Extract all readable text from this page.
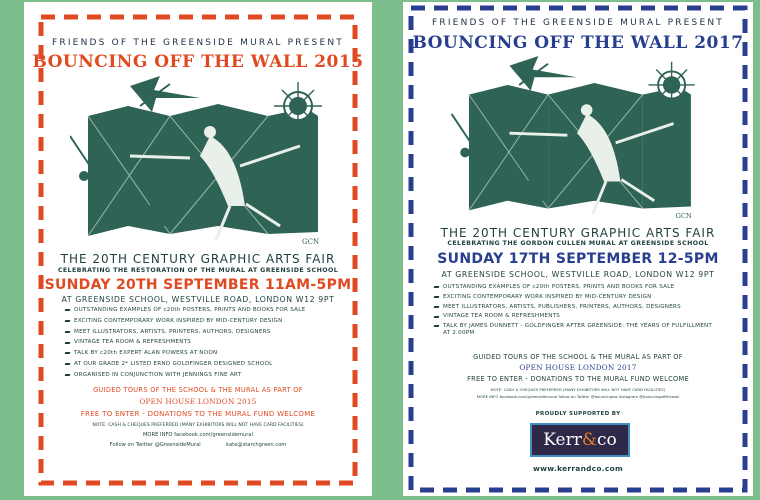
FRIENDS OF THE GREENSIDE MURAL PRESENT
BOUNCING OFF THE WALL 2015
GCN
THE 20TH CENTURY GRAPHIC ARTS FAIR
CELEBRATING THE RESTORATION OF THE MURAL AT GREENSIDE SCHOOL
SUNDAY 20TH SEPTEMBER 11AM-5PM
AT GREENSIDE SCHOOL, WESTVILLE ROAD, LONDON W12 9PT
OUTSTANDING EXAMPLES OF c20th POSTERS, PRINTS AND BOOKS FOR SALE
EXCITING CONTEMPORARY WORK INSPIRED BY MID-CENTURY DESIGN
MEET ILLUSTRATORS, ARTISTS, PRINTERS, AUTHORS, DESIGNERS
VINTAGE TEA ROOM & REFRESHMENTS
TALK BY c20th EXPERT ALAN POWERS AT NOON
AT OUR GRADE 2* LISTED ERNO GOLDFINGER DESIGNED SCHOOL
ORGANISED IN CONJUNCTION WITH JENNINGS FINE ART
GUIDED TOURS OF THE SCHOOL & THE MURAL AS PART OF
OPEN HOUSE LONDON 2015
FREE TO ENTER - DONATIONS TO THE MURAL FUND WELCOME
NOTE: CASH & CHEQUES PREFERRED (MANY EXHIBITORS WILL NOT HAVE CARD FACILITIES)
MORE INFO facebook.com/greensidemural
Follow on Twitter @GreensideMural	kate@starchgreen.com
FRIENDS OF THE GREENSIDE MURAL PRESENT
BOUNCING OFF THE WALL 2017
GCN
THE 20TH CENTURY GRAPHIC ARTS FAIR
CELEBRATING THE GORDON CULLEN MURAL AT GREENSIDE SCHOOL
SUNDAY 17TH SEPTEMBER 12-5PM
AT GREENSIDE SCHOOL, WESTVILLE ROAD, LONDON W12 9PT
OUTSTANDING EXAMPLES OF c20th POSTERS, PRINTS AND BOOKS FOR SALE
EXCITING CONTEMPORARY WORK INSPIRED BY MID-CENTURY DESIGN
MEET ILLUSTRATORS, ARTISTS, PUBLISHERS, PRINTERS, AUTHORS, DESIGNERS
VINTAGE TEA ROOM & REFRESHMENTS
TALK BY JAMES DUNNETT - GOLDFINGER AFTER GREENSIDE: THE YEARS OF FULFILLMENT AT 2.00PM
GUIDED TOURS OF THE SCHOOL & THE MURAL AS PART OF
OPEN HOUSE LONDON 2017
FREE TO ENTER - DONATIONS TO THE MURAL FUND WELCOME
NOTE: CASH & CHEQUES PREFERRED (MANY EXHIBITORS WILL NOT HAVE CARD FACILITIES)
MORE INFO facebook.com/greensidemural follow on Twitter @bouncingow Instagram @bouncingoffthewall
PROUDLY SUPPORTED BY
Kerr&co
www.kerrandco.com
